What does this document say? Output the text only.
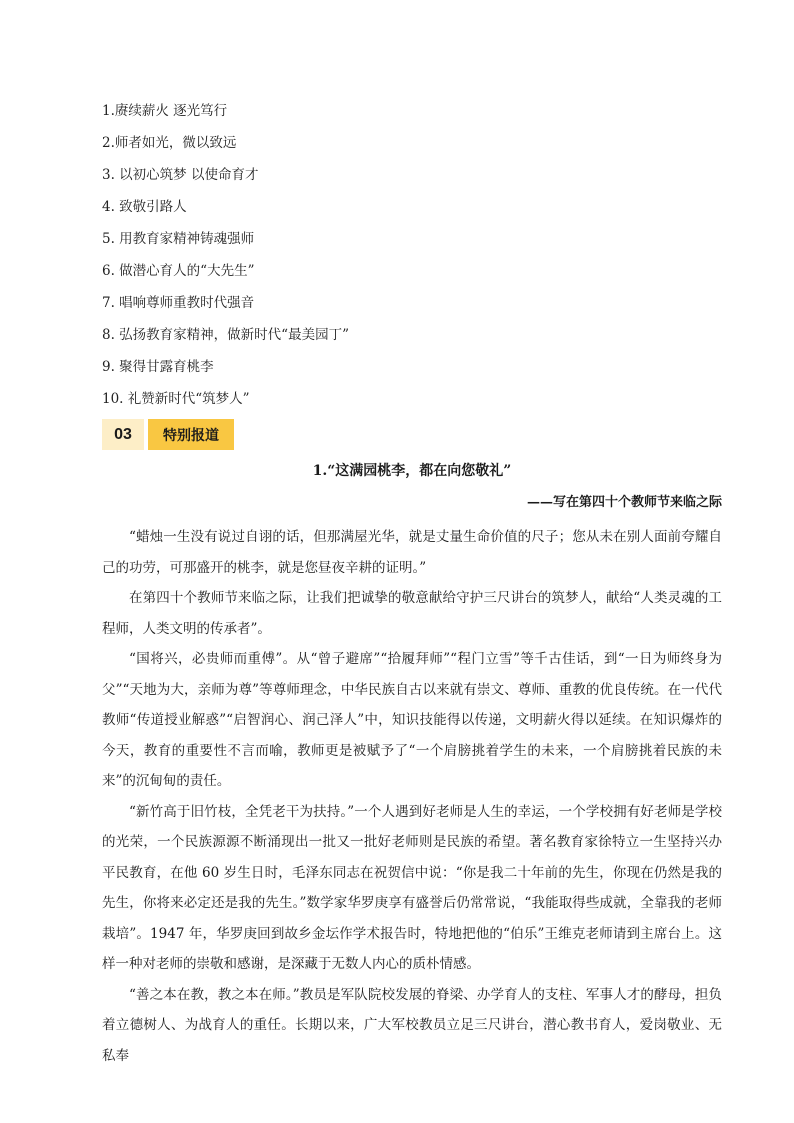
1.赓续薪火 逐光笃行
2.师者如光，微以致远
3. 以初心筑梦 以使命育才
4. 致敬引路人
5. 用教育家精神铸魂强师
6. 做潜心育人的“大先生”
7. 唱响尊师重教时代强音
8. 弘扬教育家精神，做新时代“最美园丁”
9. 聚得甘露育桃李
10. 礼赞新时代“筑梦人”
03	特别报道
1.“这满园桃李，都在向您敬礼”
——写在第四十个教师节来临之际

“蜡烛一生没有说过自诩的话，但那满屋光华，就是丈量生命价值的尺子；您从未在别人面前夸耀自己的功劳，可那盛开的桃李，就是您昼夜辛耕的证明。”

在第四十个教师节来临之际，让我们把诚挚的敬意献给守护三尺讲台的筑梦人，献给“人类灵魂的工程师，人类文明的传承者”。

“国将兴，必贵师而重傅”。从“曾子避席”“拾履拜师”“程门立雪”等千古佳话，到“一日为师终身为父”“天地为大，亲师为尊”等尊师理念，中华民族自古以来就有崇文、尊师、重教的优良传统。在一代代教师“传道授业解惑”“启智润心、润己泽人”中，知识技能得以传递，文明薪火得以延续。在知识爆炸的今天，教育的重要性不言而喻，教师更是被赋予了“一个肩膀挑着学生的未来，一个肩膀挑着民族的未来”的沉甸甸的责任。

“新竹高于旧竹枝，全凭老干为扶持。”一个人遇到好老师是人生的幸运，一个学校拥有好老师是学校的光荣，一个民族源源不断涌现出一批又一批好老师则是民族的希望。著名教育家徐特立一生坚持兴办平民教育，在他 60 岁生日时，毛泽东同志在祝贺信中说：“你是我二十年前的先生，你现在仍然是我的先生，你将来必定还是我的先生。”数学家华罗庚享有盛誉后仍常常说，“我能取得些成就，全靠我的老师栽培”。1947 年，华罗庚回到故乡金坛作学术报告时，特地把他的“伯乐”王维克老师请到主席台上。这样一种对老师的崇敬和感谢，是深藏于无数人内心的质朴情感。

“善之本在教，教之本在师。”教员是军队院校发展的脊梁、办学育人的支柱、军事人才的酵母，担负着立德树人、为战育人的重任。长期以来，广大军校教员立足三尺讲台，潜心教书育人，爱岗敬业、无私奉
